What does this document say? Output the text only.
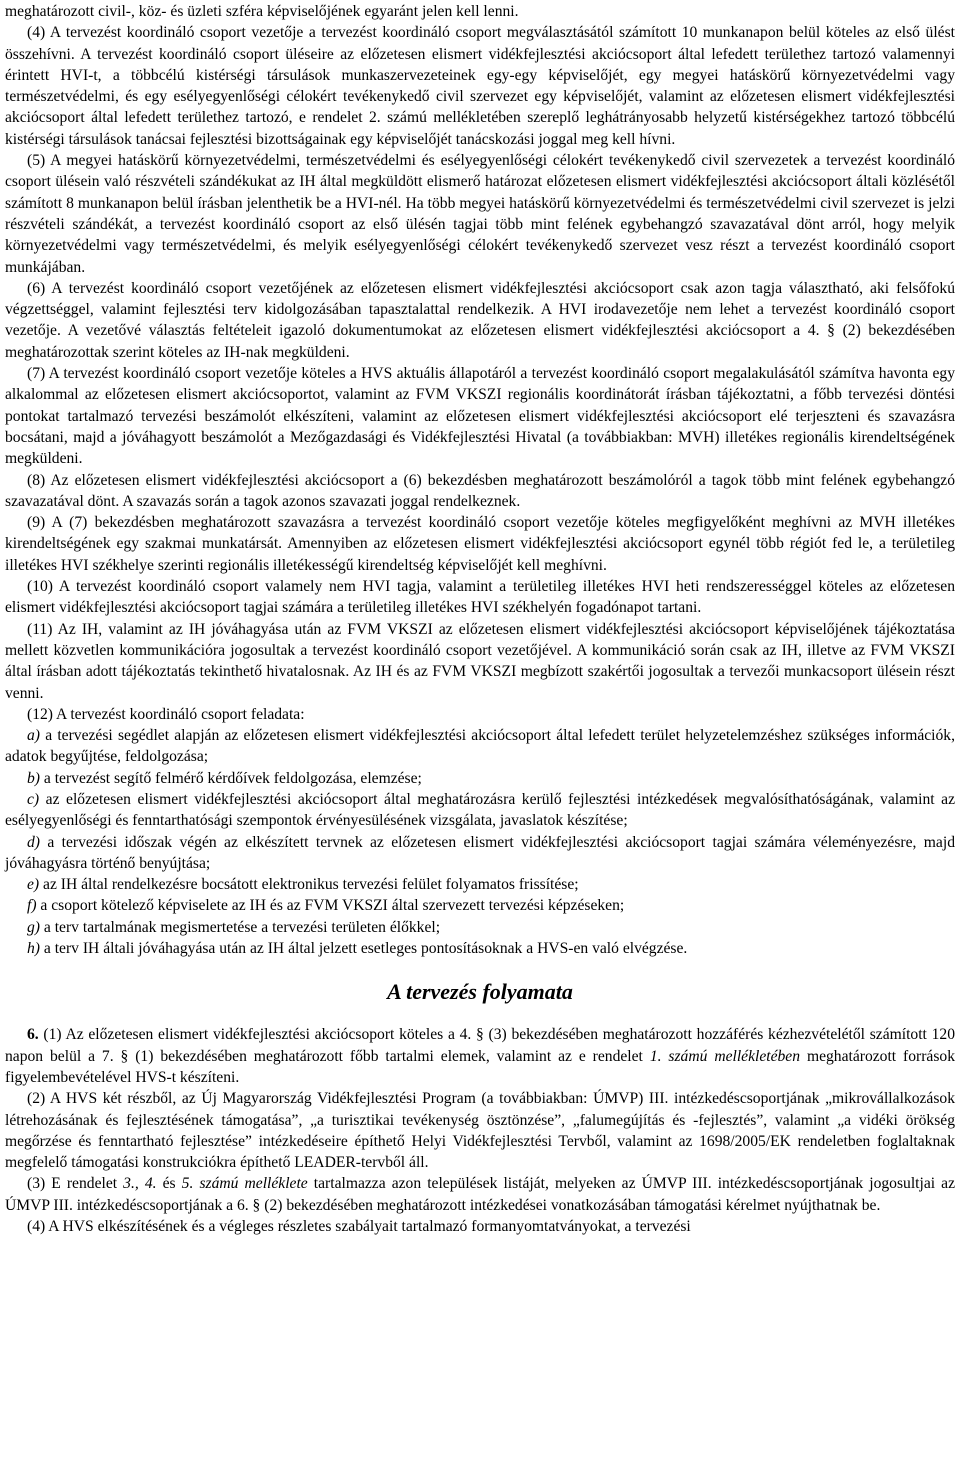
meghatározott civil-, köz- és üzleti szféra képviselőjének egyaránt jelen kell lenni.

(4) A tervezést koordináló csoport vezetője a tervezést koordináló csoport megválasztásától számított 10 munkanapon belül köteles az első ülést összehívni. A tervezést koordináló csoport üléseire az előzetesen elismert vidékfejlesztési akciócsoport által lefedett területhez tartozó valamennyi érintett HVI-t, a többcélú kistérségi társulások munkaszervezeteinek egy-egy képviselőjét, egy megyei hatáskörű környezetvédelmi vagy természetvédelmi, és egy esélyegyenlőségi célokért tevékenykedő civil szervezet egy képviselőjét, valamint az előzetesen elismert vidékfejlesztési akciócsoport által lefedett területhez tartozó, e rendelet 2. számú mellékletében szereplő leghátrányosabb helyzetű kistérségekhez tartozó többcélú kistérségi társulások tanácsai fejlesztési bizottságainak egy képviselőjét tanácskozási joggal meg kell hívni.

(5) A megyei hatáskörű környezetvédelmi, természetvédelmi és esélyegyenlőségi célokért tevékenykedő civil szervezetek a tervezést koordináló csoport ülésein való részvételi szándékukat az IH által megküldött elismerő határozat előzetesen elismert vidékfejlesztési akciócsoport általi közlésétől számított 8 munkanapon belül írásban jelenthetik be a HVI-nél. Ha több megyei hatáskörű környezetvédelmi és természetvédelmi civil szervezet is jelzi részvételi szándékát, a tervezést koordináló csoport az első ülésén tagjai több mint felének egybehangzó szavazatával dönt arról, hogy melyik környezetvédelmi vagy természetvédelmi, és melyik esélyegyenlőségi célokért tevékenykedő szervezet vesz részt a tervezést koordináló csoport munkájában.

(6) A tervezést koordináló csoport vezetőjének az előzetesen elismert vidékfejlesztési akciócsoport csak azon tagja választható, aki felsőfokú végzettséggel, valamint fejlesztési terv kidolgozásában tapasztalattal rendelkezik. A HVI irodavezetője nem lehet a tervezést koordináló csoport vezetője. A vezetővé választás feltételeit igazoló dokumentumokat az előzetesen elismert vidékfejlesztési akciócsoport a 4. § (2) bekezdésében meghatározottak szerint köteles az IH-nak megküldeni.

(7) A tervezést koordináló csoport vezetője köteles a HVS aktuális állapotáról a tervezést koordináló csoport megalakulásától számítva havonta egy alkalommal az előzetesen elismert akciócsoportot, valamint az FVM VKSZI regionális koordinátorát írásban tájékoztatni, a főbb tervezési döntési pontokat tartalmazó tervezési beszámolót elkészíteni, valamint az előzetesen elismert vidékfejlesztési akciócsoport elé terjeszteni és szavazásra bocsátani, majd a jóváhagyott beszámolót a Mezőgazdasági és Vidékfejlesztési Hivatal (a továbbiakban: MVH) illetékes regionális kirendeltségének megküldeni.

(8) Az előzetesen elismert vidékfejlesztési akciócsoport a (6) bekezdésben meghatározott beszámolóról a tagok több mint felének egybehangzó szavazatával dönt. A szavazás során a tagok azonos szavazati joggal rendelkeznek.

(9) A (7) bekezdésben meghatározott szavazásra a tervezést koordináló csoport vezetője köteles megfigyelőként meghívni az MVH illetékes kirendeltségének egy szakmai munkatársát. Amennyiben az előzetesen elismert vidékfejlesztési akciócsoport egynél több régiót fed le, a területileg illetékes HVI székhelye szerinti regionális illetékességű kirendeltség képviselőjét kell meghívni.

(10) A tervezést koordináló csoport valamely nem HVI tagja, valamint a területileg illetékes HVI heti rendszerességgel köteles az előzetesen elismert vidékfejlesztési akciócsoport tagjai számára a területileg illetékes HVI székhelyén fogadónapot tartani.

(11) Az IH, valamint az IH jóváhagyása után az FVM VKSZI az előzetesen elismert vidékfejlesztési akciócsoport képviselőjének tájékoztatása mellett közvetlen kommunikációra jogosultak a tervezést koordináló csoport vezetőjével. A kommunikáció során csak az IH, illetve az FVM VKSZI által írásban adott tájékoztatás tekinthető hivatalosnak. Az IH és az FVM VKSZI megbízott szakértői jogosultak a tervezői munkacsoport ülésein részt venni.

(12) A tervezést koordináló csoport feladata:

a) a tervezési segédlet alapján az előzetesen elismert vidékfejlesztési akciócsoport által lefedett terület helyzetelemzéshez szükséges információk, adatok begyűjtése, feldolgozása;

b) a tervezést segítő felmérő kérdőívek feldolgozása, elemzése;

c) az előzetesen elismert vidékfejlesztési akciócsoport által meghatározásra kerülő fejlesztési intézkedések megvalósíthatóságának, valamint az esélyegyenlőségi és fenntarthatósági szempontok érvényesülésének vizsgálata, javaslatok készítése;

d) a tervezési időszak végén az elkészített tervnek az előzetesen elismert vidékfejlesztési akciócsoport tagjai számára véleményezésre, majd jóváhagyásra történő benyújtása;

e) az IH által rendelkezésre bocsátott elektronikus tervezési felület folyamatos frissítése;

f) a csoport kötelező képviselete az IH és az FVM VKSZI által szervezett tervezési képzéseken;

g) a terv tartalmának megismertetése a tervezési területen élőkkel;

h) a terv IH általi jóváhagyása után az IH által jelzett esetleges pontosításoknak a HVS-en való elvégzése.

A tervezés folyamata

6. (1) Az előzetesen elismert vidékfejlesztési akciócsoport köteles a 4. § (3) bekezdésében meghatározott hozzáférés kézhezvételétől számított 120 napon belül a 7. § (1) bekezdésében meghatározott főbb tartalmi elemek, valamint az e rendelet 1. számú mellékletében meghatározott források figyelembevételével HVS-t készíteni.

(2) A HVS két részből, az Új Magyarország Vidékfejlesztési Program (a továbbiakban: ÚMVP) III. intézkedéscsoportjának „mikrovállalkozások létrehozásának és fejlesztésének támogatása”, „a turisztikai tevékenység ösztönzése”, „falumegújítás és -fejlesztés”, valamint „a vidéki örökség megőrzése és fenntartható fejlesztése” intézkedéseire építhető Helyi Vidékfejlesztési Tervből, valamint az 1698/2005/EK rendeletben foglaltaknak megfelelő támogatási konstrukciókra építhető LEADER-tervből áll.

(3) E rendelet 3., 4. és 5. számú melléklete tartalmazza azon települések listáját, melyeken az ÚMVP III. intézkedéscsoportjának jogosultjai az ÚMVP III. intézkedéscsoportjának a 6. § (2) bekezdésében meghatározott intézkedései vonatkozásában támogatási kérelmet nyújthatnak be.

(4) A HVS elkészítésének és a végleges részletes szabályait tartalmazó formanyomtatványokat, a tervezési
